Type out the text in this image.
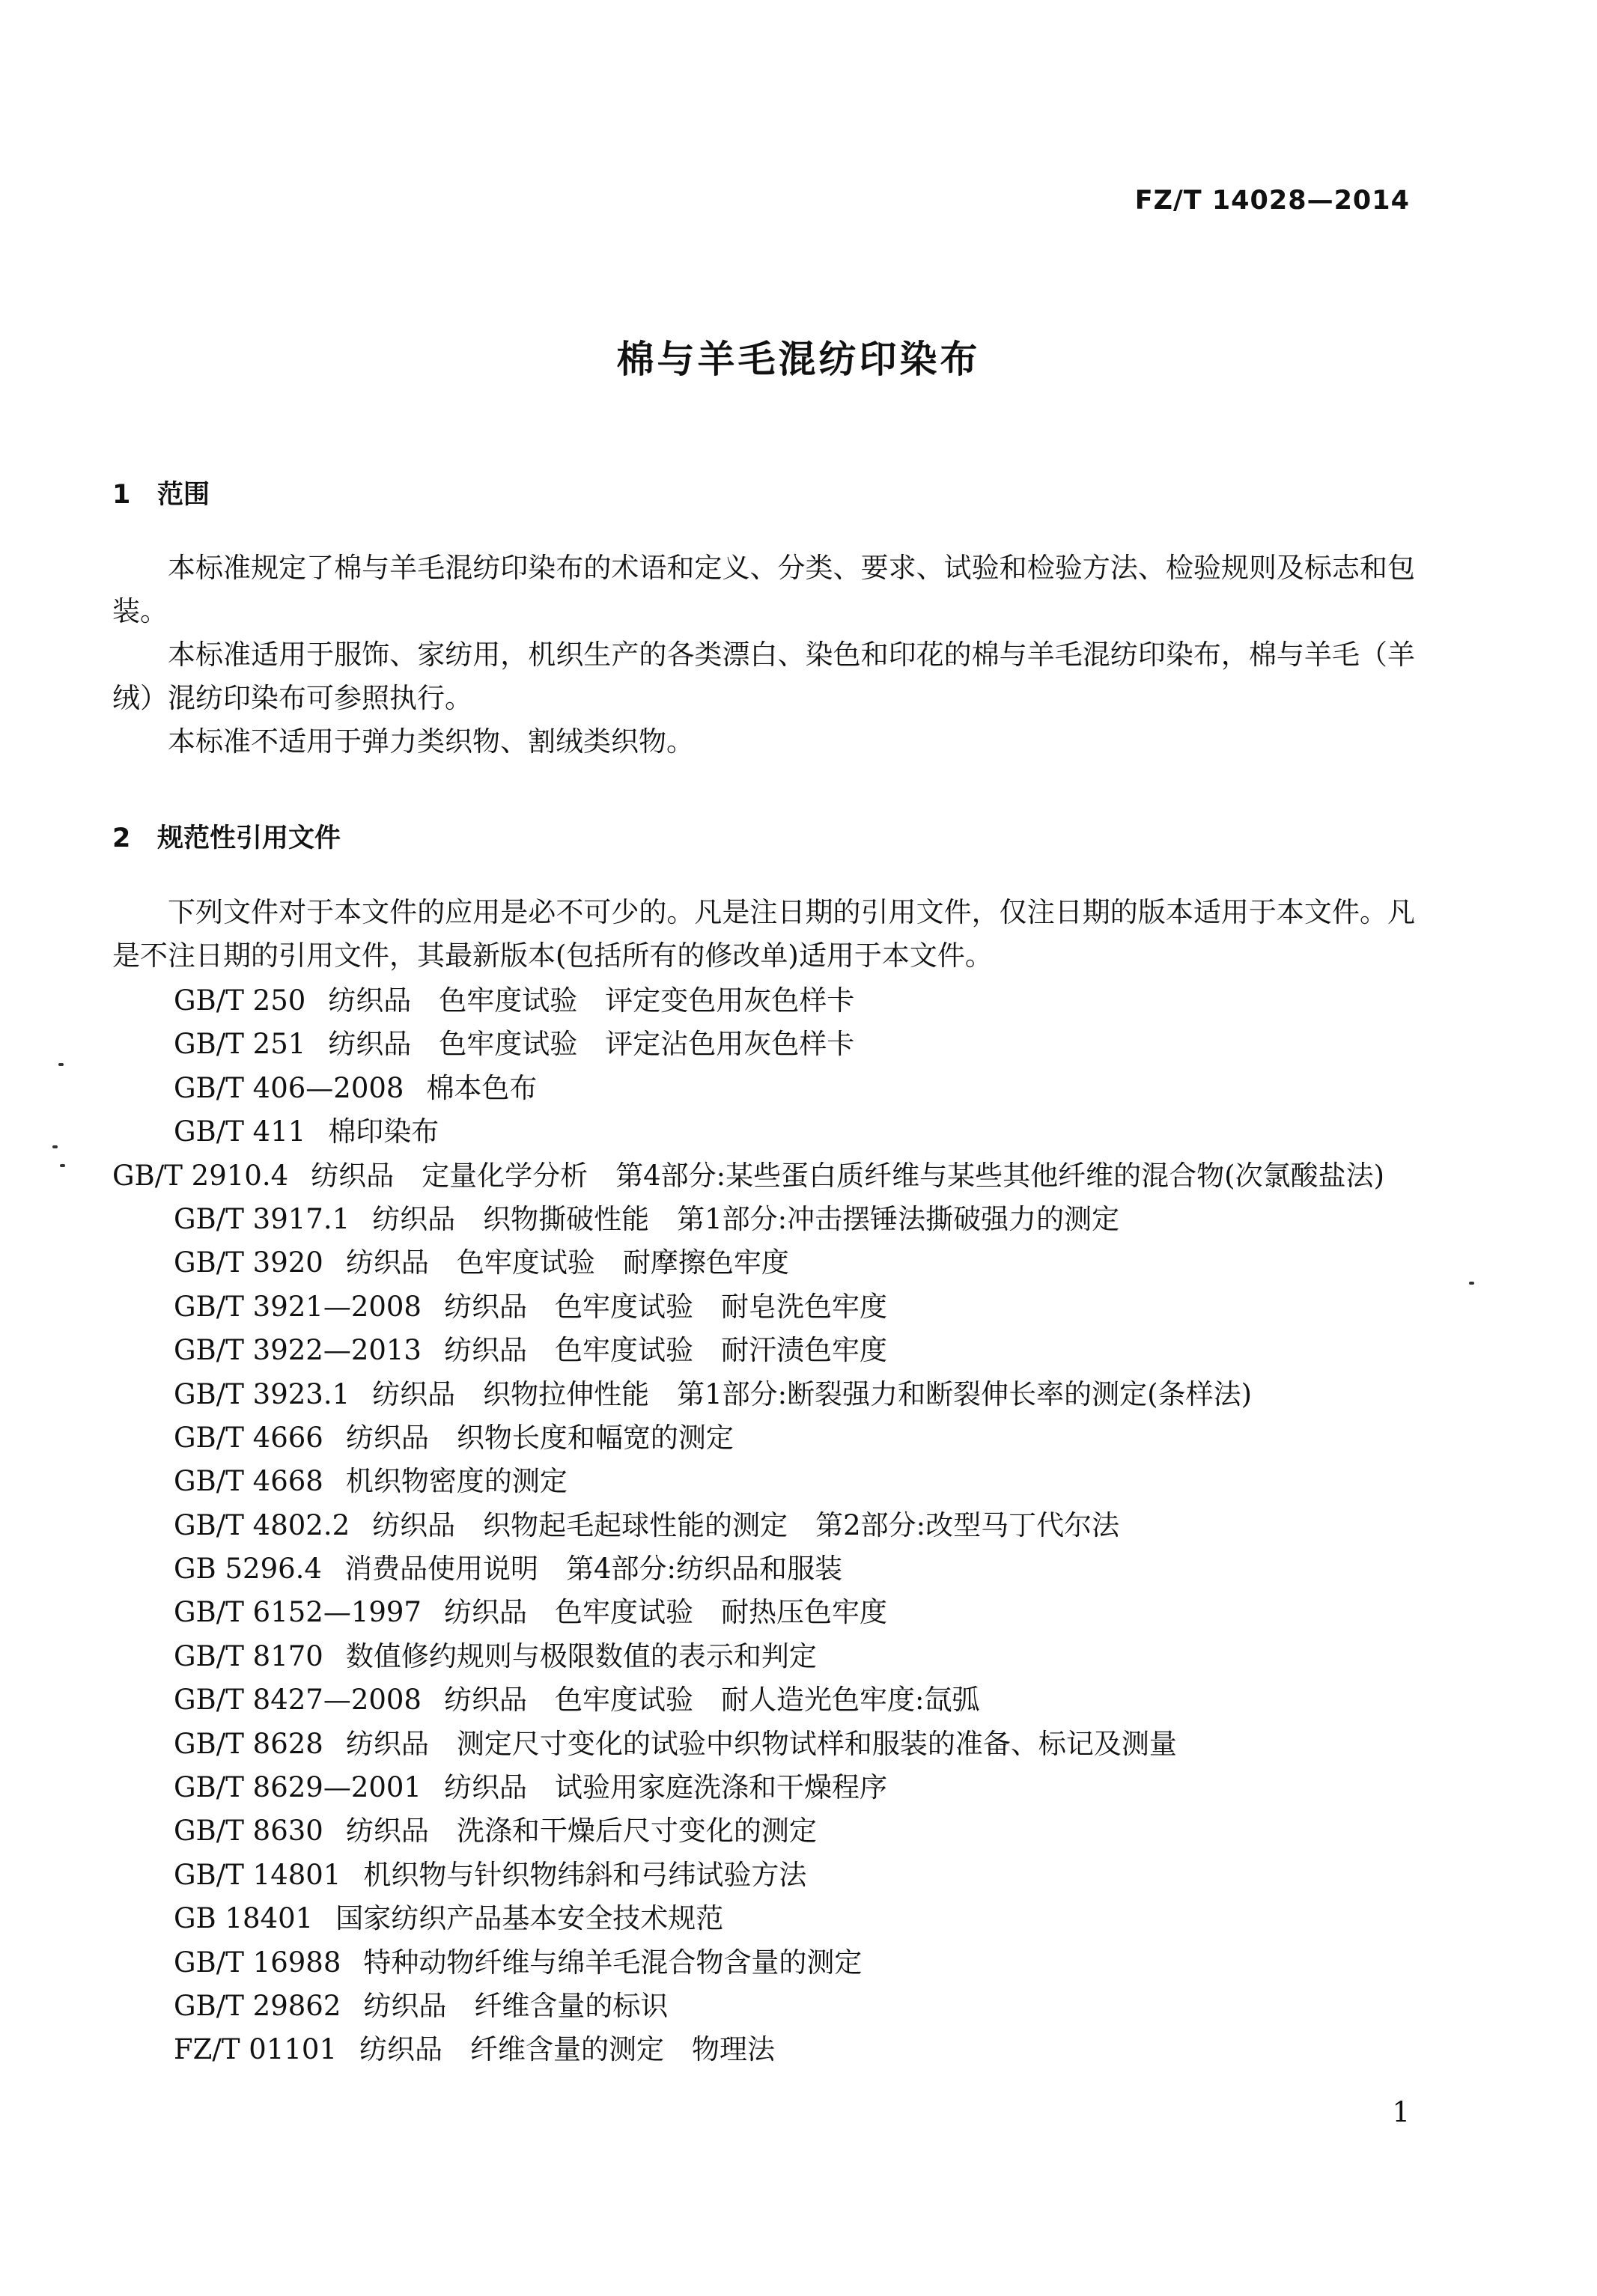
FZ/T 14028—2014
棉与羊毛混纺印染布
1 范围

本标准规定了棉与羊毛混纺印染布的术语和定义、分类、要求、试验和检验方法、检验规则及标志和包装。

本标准适用于服饰、家纺用，机织生产的各类漂白、染色和印花的棉与羊毛混纺印染布，棉与羊毛（羊绒）混纺印染布可参照执行。

本标准不适用于弹力类织物、割绒类织物。

2 规范性引用文件

下列文件对于本文件的应用是必不可少的。凡是注日期的引用文件，仅注日期的版本适用于本文件。凡是不注日期的引用文件，其最新版本(包括所有的修改单)适用于本文件。

GB/T 250 纺织品　色牢度试验　评定变色用灰色样卡
GB/T 251 纺织品　色牢度试验　评定沾色用灰色样卡
GB/T 406—2008 棉本色布
GB/T 411 棉印染布
GB/T 2910.4 纺织品　定量化学分析　第4部分:某些蛋白质纤维与某些其他纤维的混合物(次氯酸盐法)
GB/T 3917.1 纺织品　织物撕破性能　第1部分:冲击摆锤法撕破强力的测定
GB/T 3920 纺织品　色牢度试验　耐摩擦色牢度
GB/T 3921—2008 纺织品　色牢度试验　耐皂洗色牢度
GB/T 3922—2013 纺织品　色牢度试验　耐汗渍色牢度
GB/T 3923.1 纺织品　织物拉伸性能　第1部分:断裂强力和断裂伸长率的测定(条样法)
GB/T 4666 纺织品　织物长度和幅宽的测定
GB/T 4668 机织物密度的测定
GB/T 4802.2 纺织品　织物起毛起球性能的测定　第2部分:改型马丁代尔法
GB 5296.4 消费品使用说明　第4部分:纺织品和服装
GB/T 6152—1997 纺织品　色牢度试验　耐热压色牢度
GB/T 8170 数值修约规则与极限数值的表示和判定
GB/T 8427—2008 纺织品　色牢度试验　耐人造光色牢度:氙弧
GB/T 8628 纺织品　测定尺寸变化的试验中织物试样和服装的准备、标记及测量
GB/T 8629—2001 纺织品　试验用家庭洗涤和干燥程序
GB/T 8630 纺织品　洗涤和干燥后尺寸变化的测定
GB/T 14801 机织物与针织物纬斜和弓纬试验方法
GB 18401 国家纺织产品基本安全技术规范
GB/T 16988 特种动物纤维与绵羊毛混合物含量的测定
GB/T 29862 纺织品　纤维含量的标识
FZ/T 01101 纺织品　纤维含量的测定　物理法
1
